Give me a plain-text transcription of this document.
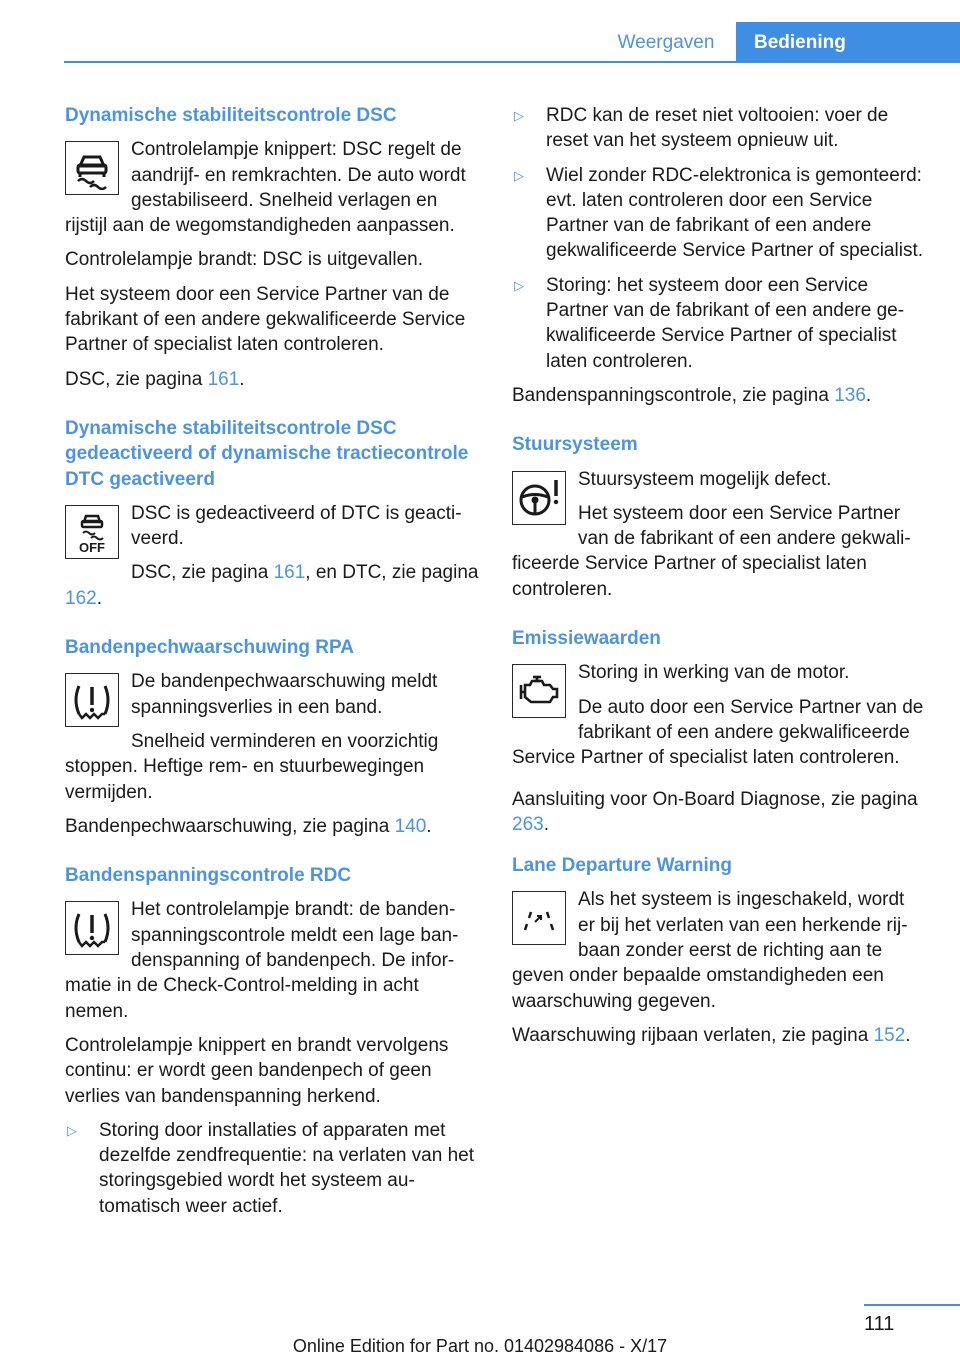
Weergaven	Bediening
Dynamische stabiliteitscontrole DSC

Controlelampje knippert: DSC regelt de aandrijf- en remkrachten. De auto wordt gestabiliseerd. Snelheid verlagen en rijstijl aan de wegomstandigheden aanpassen.

Controlelampje brandt: DSC is uitgevallen.

Het systeem door een Service Partner van de fabrikant of een andere gekwalificeerde Service Partner of specialist laten controleren.

DSC, zie pagina 161.

Dynamische stabiliteitscontrole DSC gedeactiveerd of dynamische tractiecontrole DTC geactiveerd
OFF

DSC is gedeactiveerd of DTC is geactiveerd.

DSC, zie pagina 161, en DTC, zie pagina 162.

Bandenpechwaarschuwing RPA

De bandenpechwaarschuwing meldt spanningsverlies in een band.

Snelheid verminderen en voorzichtig stoppen. Heftige rem- en stuurbewegingen vermijden.

Bandenpechwaarschuwing, zie pagina 140.

Bandenspanningscontrole RDC

Het controlelampje brandt: de bandenspanningscontrole meldt een lage bandenspanning of bandenpech. De informatie in de Check-Control-melding in acht nemen.

Controlelampje knippert en brandt vervolgens continu: er wordt geen bandenpech of geen verlies van bandenspanning herkend.

▷ Storing door installaties of apparaten met dezelfde zendfrequentie: na verlaten van het storingsgebied wordt het systeem automatisch weer actief.
▷ RDC kan de reset niet voltooien: voer de reset van het systeem opnieuw uit.
▷ Wiel zonder RDC-elektronica is gemonteerd: evt. laten controleren door een Service Partner van de fabrikant of een andere gekwalificeerde Service Partner of specialist.
▷ Storing: het systeem door een Service Partner van de fabrikant of een andere gekwalificeerde Service Partner of specialist laten controleren.

Bandenspanningscontrole, zie pagina 136.

Stuursysteem

Stuursysteem mogelijk defect.

Het systeem door een Service Partner van de fabrikant of een andere gekwalificeerde Service Partner of specialist laten controleren.

Emissiewaarden

Storing in werking van de motor.

De auto door een Service Partner van de fabrikant of een andere gekwalificeerde Service Partner of specialist laten controleren.

Aansluiting voor On-Board Diagnose, zie pagina 263.

Lane Departure Warning

Als het systeem is ingeschakeld, wordt er bij het verlaten van een herkende rijbaan zonder eerst de richting aan te geven onder bepaalde omstandigheden een waarschuwing gegeven.

Waarschuwing rijbaan verlaten, zie pagina 152.

111
Online Edition for Part no. 01402984086 - X/17
